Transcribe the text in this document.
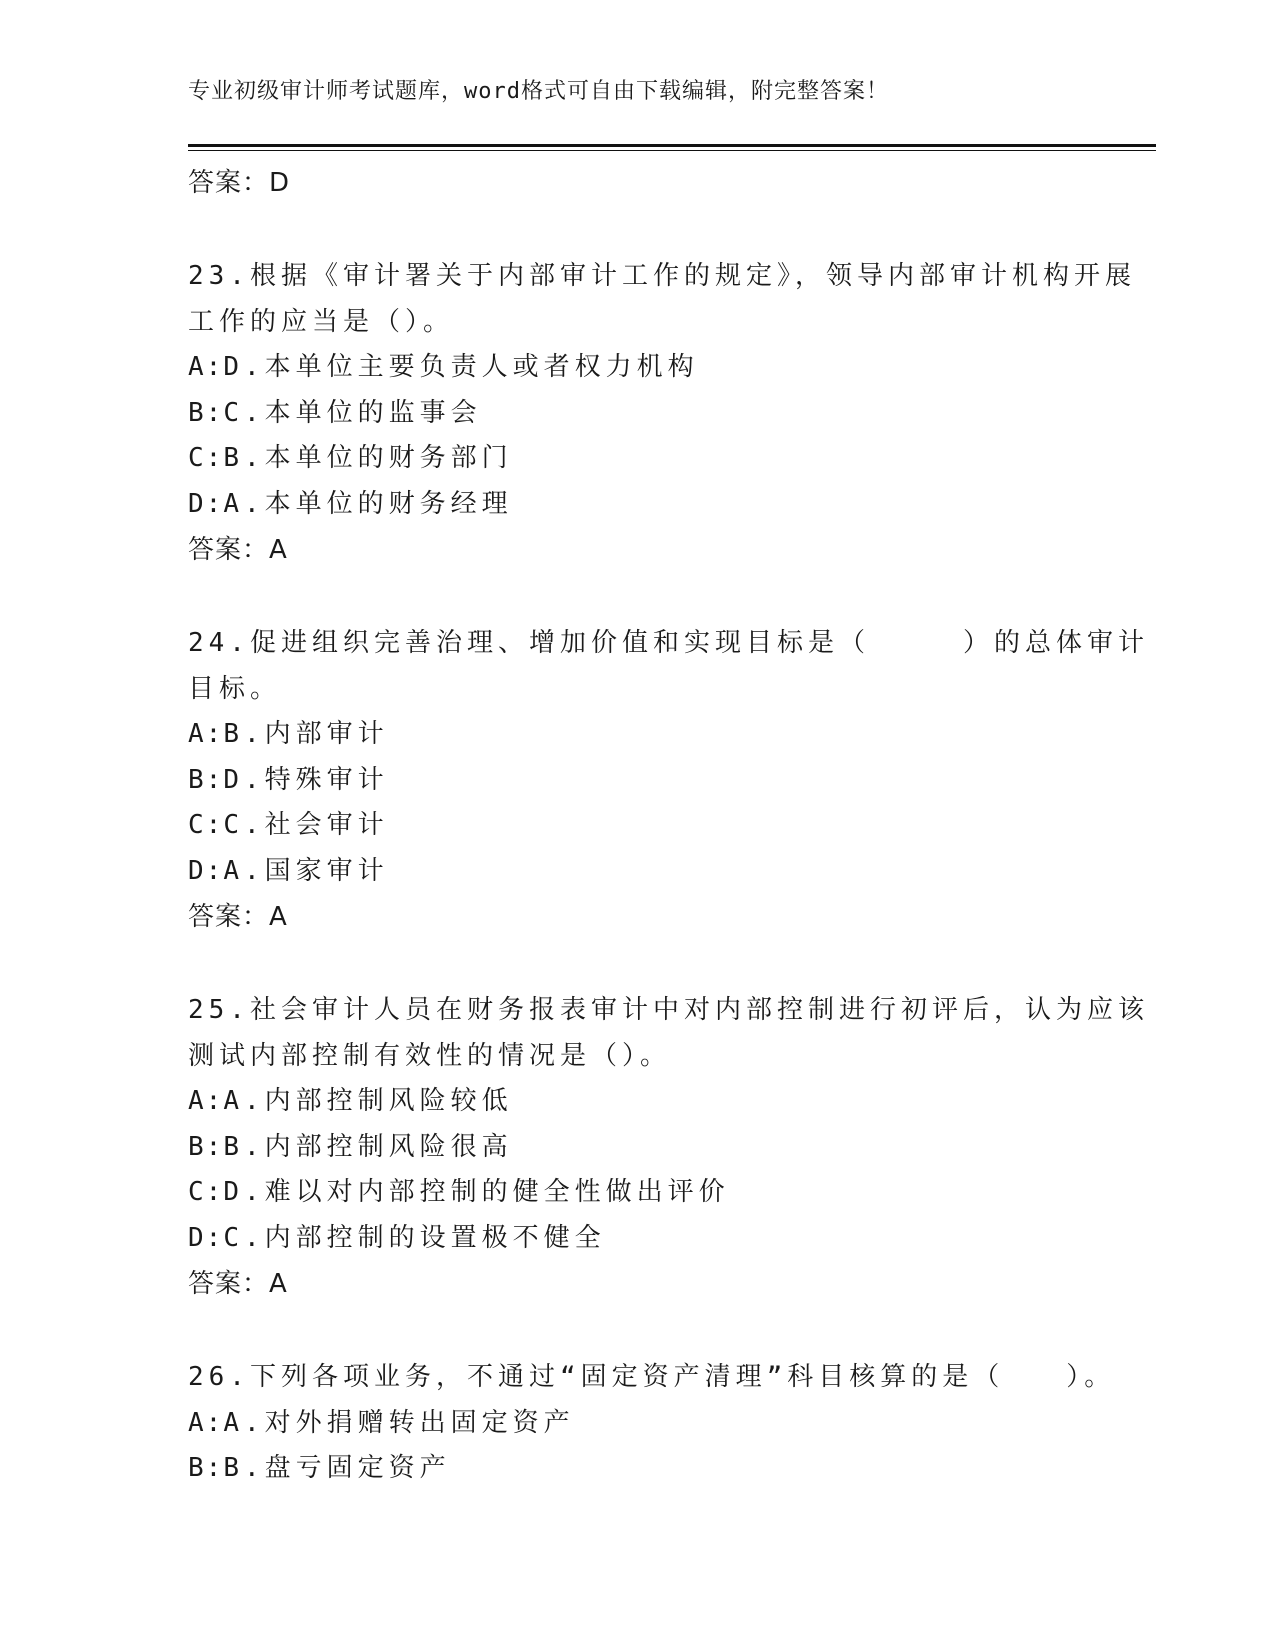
专业初级审计师考试题库，word格式可自由下载编辑，附完整答案！
答案：D
23.根据《审计署关于内部审计工作的规定》，领导内部审计机构开展
工作的应当是（）。
A:D.本单位主要负责人或者权力机构
B:C.本单位的监事会
C:B.本单位的财务部门
D:A.本单位的财务经理
答案：A
24.促进组织完善治理、增加价值和实现目标是（　　　）的总体审计
目标。
A:B.内部审计
B:D.特殊审计
C:C.社会审计
D:A.国家审计
答案：A
25.社会审计人员在财务报表审计中对内部控制进行初评后，认为应该
测试内部控制有效性的情况是（）。
A:A.内部控制风险较低
B:B.内部控制风险很高
C:D.难以对内部控制的健全性做出评价
D:C.内部控制的设置极不健全
答案：A
26.下列各项业务，不通过“固定资产清理”科目核算的是（　　）。
A:A.对外捐赠转出固定资产
B:B.盘亏固定资产
